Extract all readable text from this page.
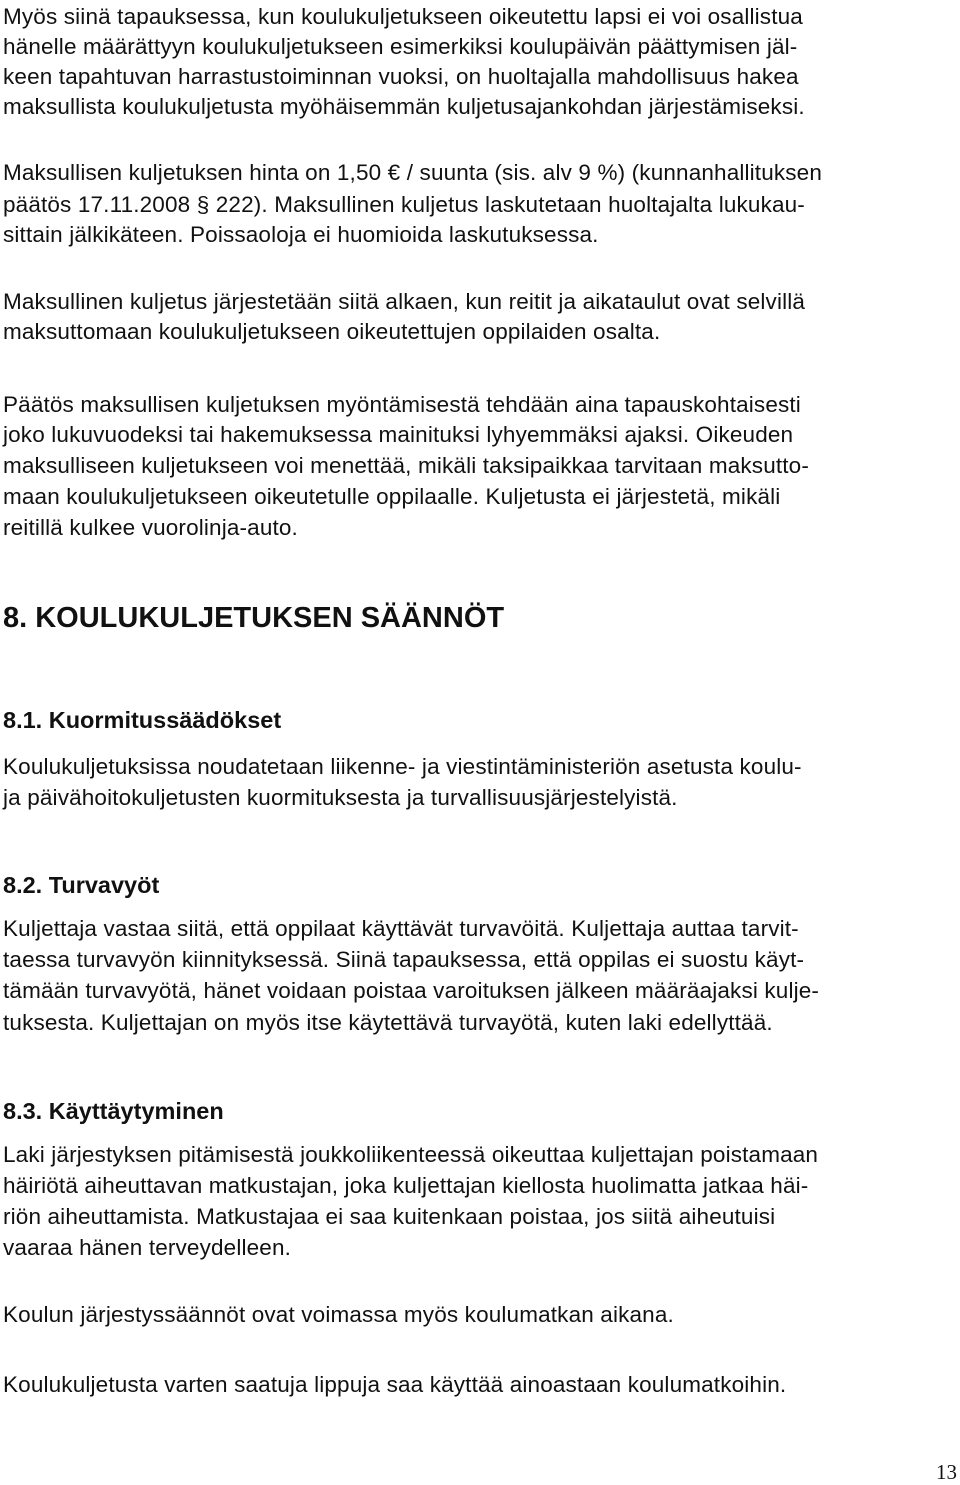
Myös siinä tapauksessa, kun koulukuljetukseen oikeutettu lapsi ei voi osallistua
hänelle määrättyyn koulukuljetukseen esimerkiksi koulupäivän päättymisen jäl-
keen tapahtuvan harrastustoiminnan vuoksi, on huoltajalla mahdollisuus hakea
maksullista koulukuljetusta myöhäisemmän kuljetusajankohdan järjestämiseksi.
Maksullisen kuljetuksen hinta on 1,50 € / suunta (sis. alv 9 %) (kunnanhallituksen
päätös 17.11.2008 § 222). Maksullinen kuljetus laskutetaan huoltajalta lukukau-
sittain jälkikäteen. Poissaoloja ei huomioida laskutuksessa.
Maksullinen kuljetus järjestetään siitä alkaen, kun reitit ja aikataulut ovat selvillä
maksuttomaan koulukuljetukseen oikeutettujen oppilaiden osalta.
Päätös maksullisen kuljetuksen myöntämisestä tehdään aina tapauskohtaisesti
joko lukuvuodeksi tai hakemuksessa mainituksi lyhyemmäksi ajaksi. Oikeuden
maksulliseen kuljetukseen voi menettää, mikäli taksipaikkaa tarvitaan maksutto-
maan koulukuljetukseen oikeutetulle oppilaalle. Kuljetusta ei järjestetä, mikäli
reitillä kulkee vuorolinja-auto.
8. KOULUKULJETUKSEN SÄÄNNÖT
8.1. Kuormitussäädökset
Koulukuljetuksissa noudatetaan liikenne- ja viestintäministeriön asetusta koulu-
ja päivähoitokuljetusten kuormituksesta ja turvallisuusjärjestelyistä.
8.2. Turvavyöt
Kuljettaja vastaa siitä, että oppilaat käyttävät turvavöitä. Kuljettaja auttaa tarvit-
taessa turvavyön kiinnityksessä. Siinä tapauksessa, että oppilas ei suostu käyt-
tämään turvavyötä, hänet voidaan poistaa varoituksen jälkeen määräajaksi kulje-
tuksesta. Kuljettajan on myös itse käytettävä turvayötä, kuten laki edellyttää.
8.3. Käyttäytyminen
Laki järjestyksen pitämisestä joukkoliikenteessä oikeuttaa kuljettajan poistamaan
häiriötä aiheuttavan matkustajan, joka kuljettajan kiellosta huolimatta jatkaa häi-
riön aiheuttamista. Matkustajaa ei saa kuitenkaan poistaa, jos siitä aiheutuisi
vaaraa hänen terveydelleen.
Koulun järjestyssäännöt ovat voimassa myös koulumatkan aikana.
Koulukuljetusta varten saatuja lippuja saa käyttää ainoastaan koulumatkoihin.
13
